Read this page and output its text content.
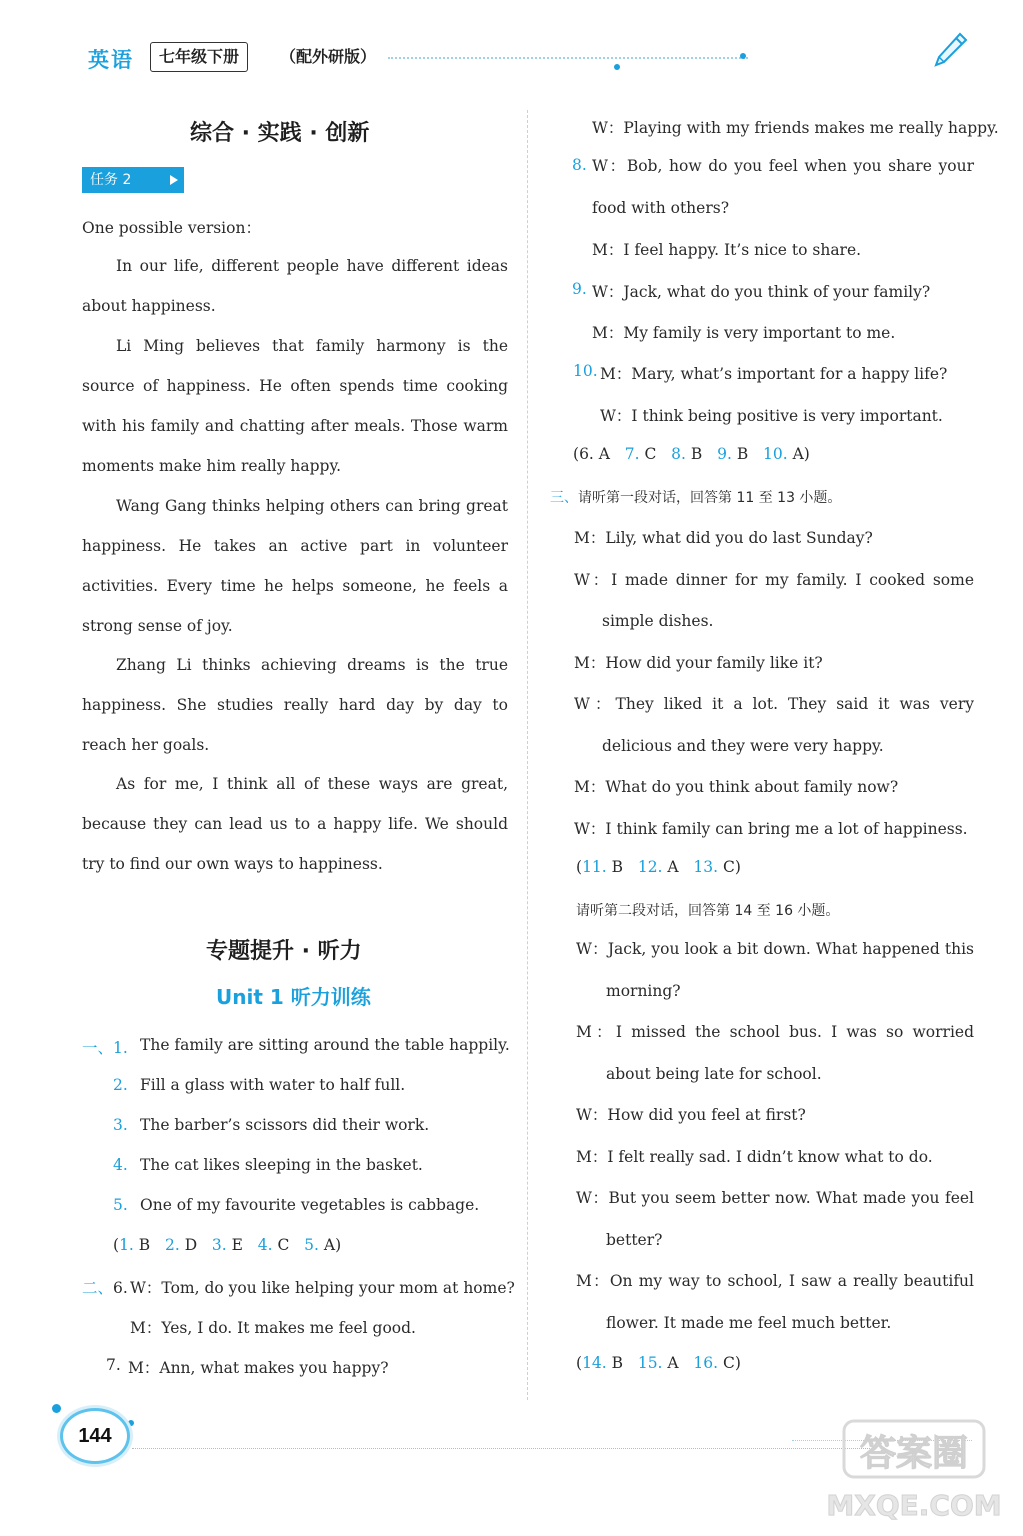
英语	七年级下册	（配外研版）
综合 · 实践 · 创新
任务 2
One possible version：
In our life, different people have different ideas about happiness.
Li Ming believes that family harmony is the source of happiness. He often spends time cooking with his family and chatting after meals. Those warm moments make him really happy.
Wang Gang thinks helping others can bring great happiness. He takes an active part in volunteer activities. Every time he helps someone, he feels a strong sense of joy.
Zhang Li thinks achieving dreams is the true happiness. She studies really hard day by day to reach her goals.
As for me, I think all of these ways are great, because they can lead us to a happy life. We should try to find our own ways to happiness.
专题提升 · 听力
Unit 1 听力训练
一、1. The family are sitting around the table happily.
2. Fill a glass with water to half full.
3. The barber’s scissors did their work.
4. The cat likes sleeping in the basket.
5. One of my favourite vegetables is cabbage.
(1. B 2. D 3. E 4. C 5. A)
二、6. W：Tom, do you like helping your mom at home?
M：Yes, I do. It makes me feel good.
7. M：Ann, what makes you happy?
W：Playing with my friends makes me really happy.
8. W：Bob, how do you feel when you share your food with others?
M：I feel happy. It’s nice to share.
9. W：Jack, what do you think of your family?
M：My family is very important to me.
10. M：Mary, what’s important for a happy life?
W：I think being positive is very important.
(6. A 7. C 8. B 9. B 10. A)
三、请听第一段对话，回答第 11 至 13 小题。
M：Lily, what did you do last Sunday?
W：I made dinner for my family. I cooked some simple dishes.
M：How did your family like it?
W：They liked it a lot. They said it was very delicious and they were very happy.
M：What do you think about family now?
W：I think family can bring me a lot of happiness.
(11. B 12. A 13. C)
请听第二段对话，回答第 14 至 16 小题。
W：Jack, you look a bit down. What happened this morning?
M：I missed the school bus. I was so worried about being late for school.
W：How did you feel at first?
M：I felt really sad. I didn’t know what to do.
W：But you seem better now. What made you feel better?
M：On my way to school, I saw a really beautiful flower. It made me feel much better.
(14. B 15. A 16. C)
144	答案圈
MXQE.COM
